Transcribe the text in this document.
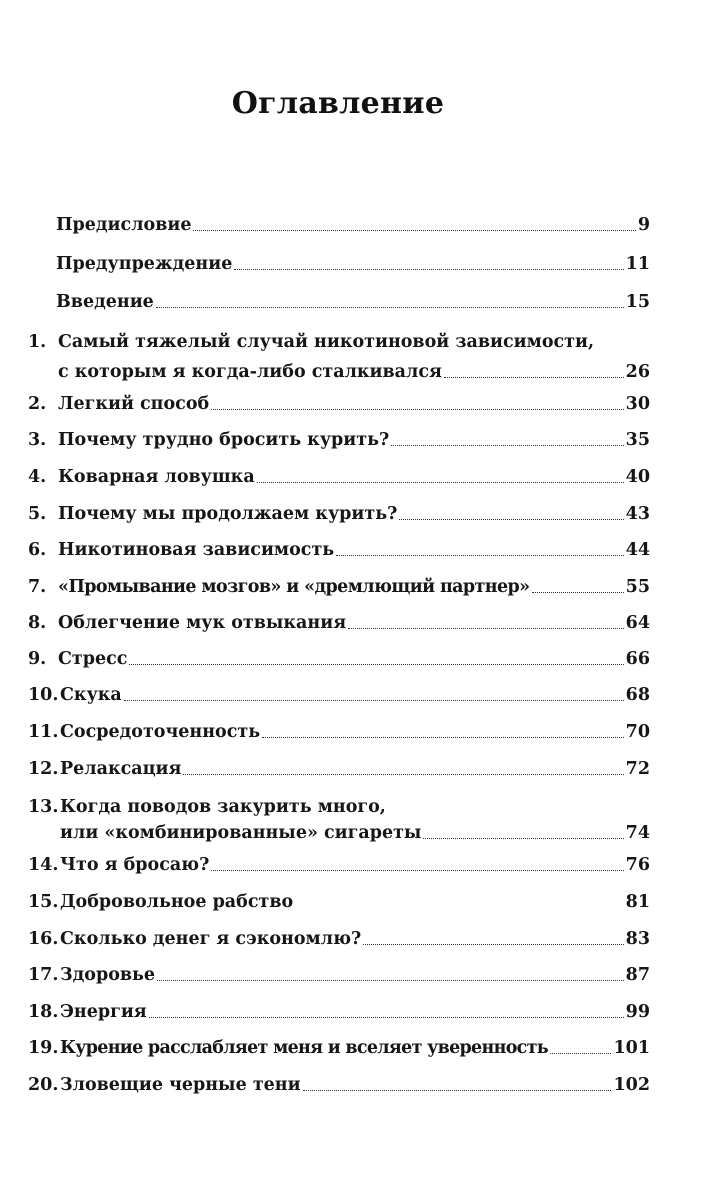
Оглавление
Предисловие	9
Предупреждение	11
Введение	15
1. Самый тяжелый случай никотиновой зависимости,
с которым я когда-либо сталкивался	26
2. Легкий способ	30
3. Почему трудно бросить курить?	35
4. Коварная ловушка	40
5. Почему мы продолжаем курить?	43
6. Никотиновая зависимость	44
7. «Промывание мозгов» и «дремлющий партнер»	55
8. Облегчение мук отвыкания	64
9. Стресс	66
10. Скука	68
11. Сосредоточенность	70
12. Релаксация	72
13. Когда поводов закурить много,
или «комбинированные» сигареты	74
14. Что я бросаю?	76
15. Добровольное рабство	81
16. Сколько денег я сэкономлю?	83
17. Здоровье	87
18. Энергия	99
19. Курение расслабляет меня и вселяет уверенность	101
20. Зловещие черные тени	102
